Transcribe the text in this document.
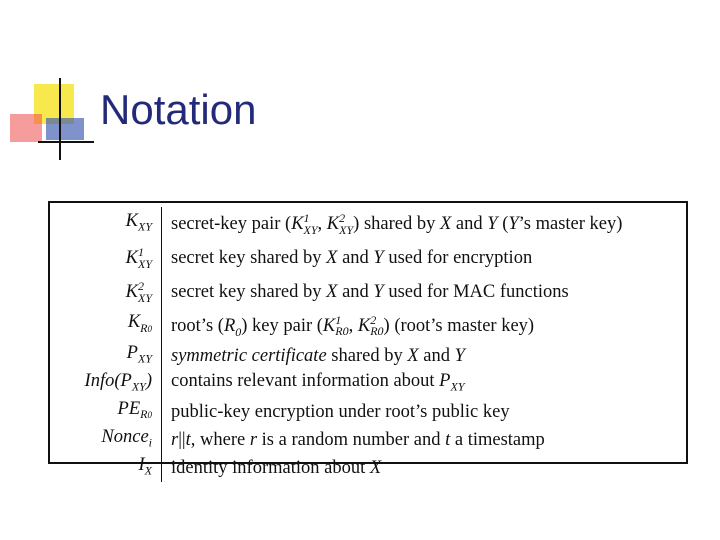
Notation
$K_{XY}$	secret-key pair ($K^1_{XY}$, $K^2_{XY}$) shared by X and Y (Y’s master key)
$K^1_{XY}$	secret key shared by X and Y used for encryption
$K^2_{XY}$	secret key shared by X and Y used for MAC functions
$K_{R0}$	root’s $(R_0)$ key pair ($K^1_{R0}$, $K^2_{R0}$) (root’s master key)
$P_{XY}$	symmetric certificate shared by X and Y
$Info(P_{XY})$	contains relevant information about $P_{XY}$
$PE_{R0}$	public-key encryption under root’s public key
Nonce$_i$	r||t, where r is a random number and t a timestamp
$I_X$	identity information about X
